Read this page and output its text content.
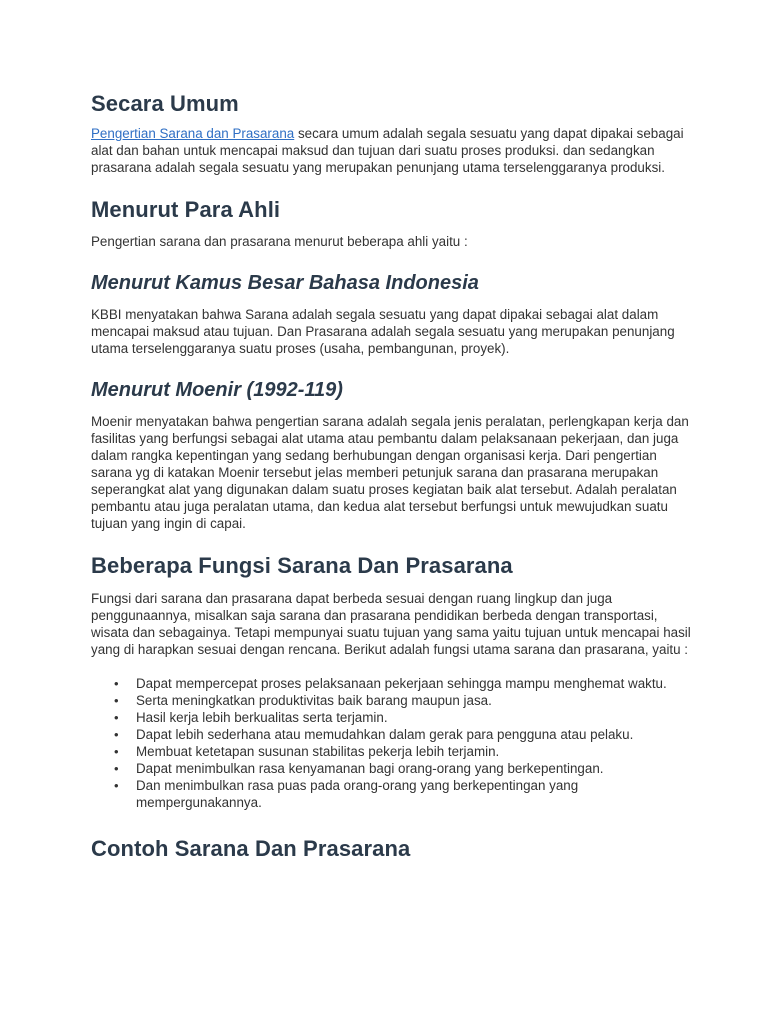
Secara Umum

Pengertian Sarana dan Prasarana secara umum adalah segala sesuatu yang dapat dipakai sebagai alat dan bahan untuk mencapai maksud dan tujuan dari suatu proses produksi. dan sedangkan prasarana adalah segala sesuatu yang merupakan penunjang utama terselenggaranya produksi.

Menurut Para Ahli

Pengertian sarana dan prasarana menurut beberapa ahli yaitu :

Menurut Kamus Besar Bahasa Indonesia

KBBI menyatakan bahwa Sarana adalah segala sesuatu yang dapat dipakai sebagai alat dalam mencapai maksud atau tujuan. Dan Prasarana adalah segala sesuatu yang merupakan penunjang utama terselenggaranya suatu proses (usaha, pembangunan, proyek).

Menurut Moenir (1992-119)

Moenir menyatakan bahwa pengertian sarana adalah segala jenis peralatan, perlengkapan kerja dan fasilitas yang berfungsi sebagai alat utama atau pembantu dalam pelaksanaan pekerjaan, dan juga dalam rangka kepentingan yang sedang berhubungan dengan organisasi kerja. Dari pengertian sarana yg di katakan Moenir tersebut jelas memberi petunjuk sarana dan prasarana merupakan seperangkat alat yang digunakan dalam suatu proses kegiatan baik alat tersebut. Adalah peralatan pembantu atau juga peralatan utama, dan kedua alat tersebut berfungsi untuk mewujudkan suatu tujuan yang ingin di capai.

Beberapa Fungsi Sarana Dan Prasarana

Fungsi dari sarana dan prasarana dapat berbeda sesuai dengan ruang lingkup dan juga penggunaannya, misalkan saja sarana dan prasarana pendidikan berbeda dengan transportasi, wisata dan sebagainya. Tetapi mempunyai suatu tujuan yang sama yaitu tujuan untuk mencapai hasil yang di harapkan sesuai dengan rencana. Berikut adalah fungsi utama sarana dan prasarana, yaitu :

• Dapat mempercepat proses pelaksanaan pekerjaan sehingga mampu menghemat waktu.
• Serta meningkatkan produktivitas baik barang maupun jasa.
• Hasil kerja lebih berkualitas serta terjamin.
• Dapat lebih sederhana atau memudahkan dalam gerak para pengguna atau pelaku.
• Membuat ketetapan susunan stabilitas pekerja lebih terjamin.
• Dapat menimbulkan rasa kenyamanan bagi orang-orang yang berkepentingan.
• Dan menimbulkan rasa puas pada orang-orang yang berkepentingan yang mempergunakannya.
Contoh Sarana Dan Prasarana
